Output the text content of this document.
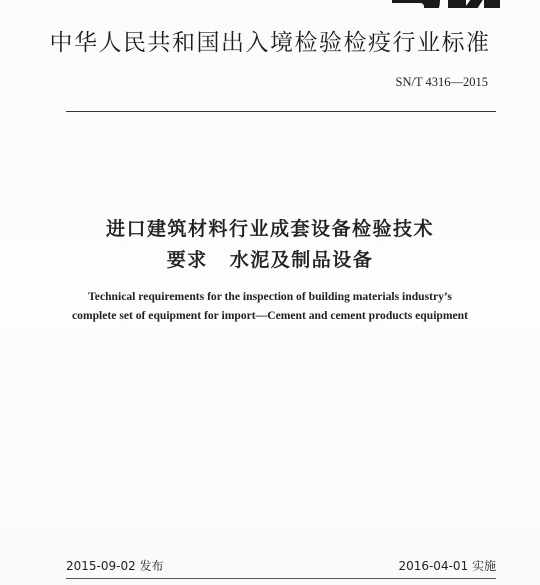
中华人民共和国出入境检验检疫行业标准
SN/T 4316—2015
进口建筑材料行业成套设备检验技术
要求 水泥及制品设备
Technical requirements for the inspection of building materials industry’s
complete set of equipment for import—Cement and cement products equipment
2015-09-02 发布	2016-04-01 实施
